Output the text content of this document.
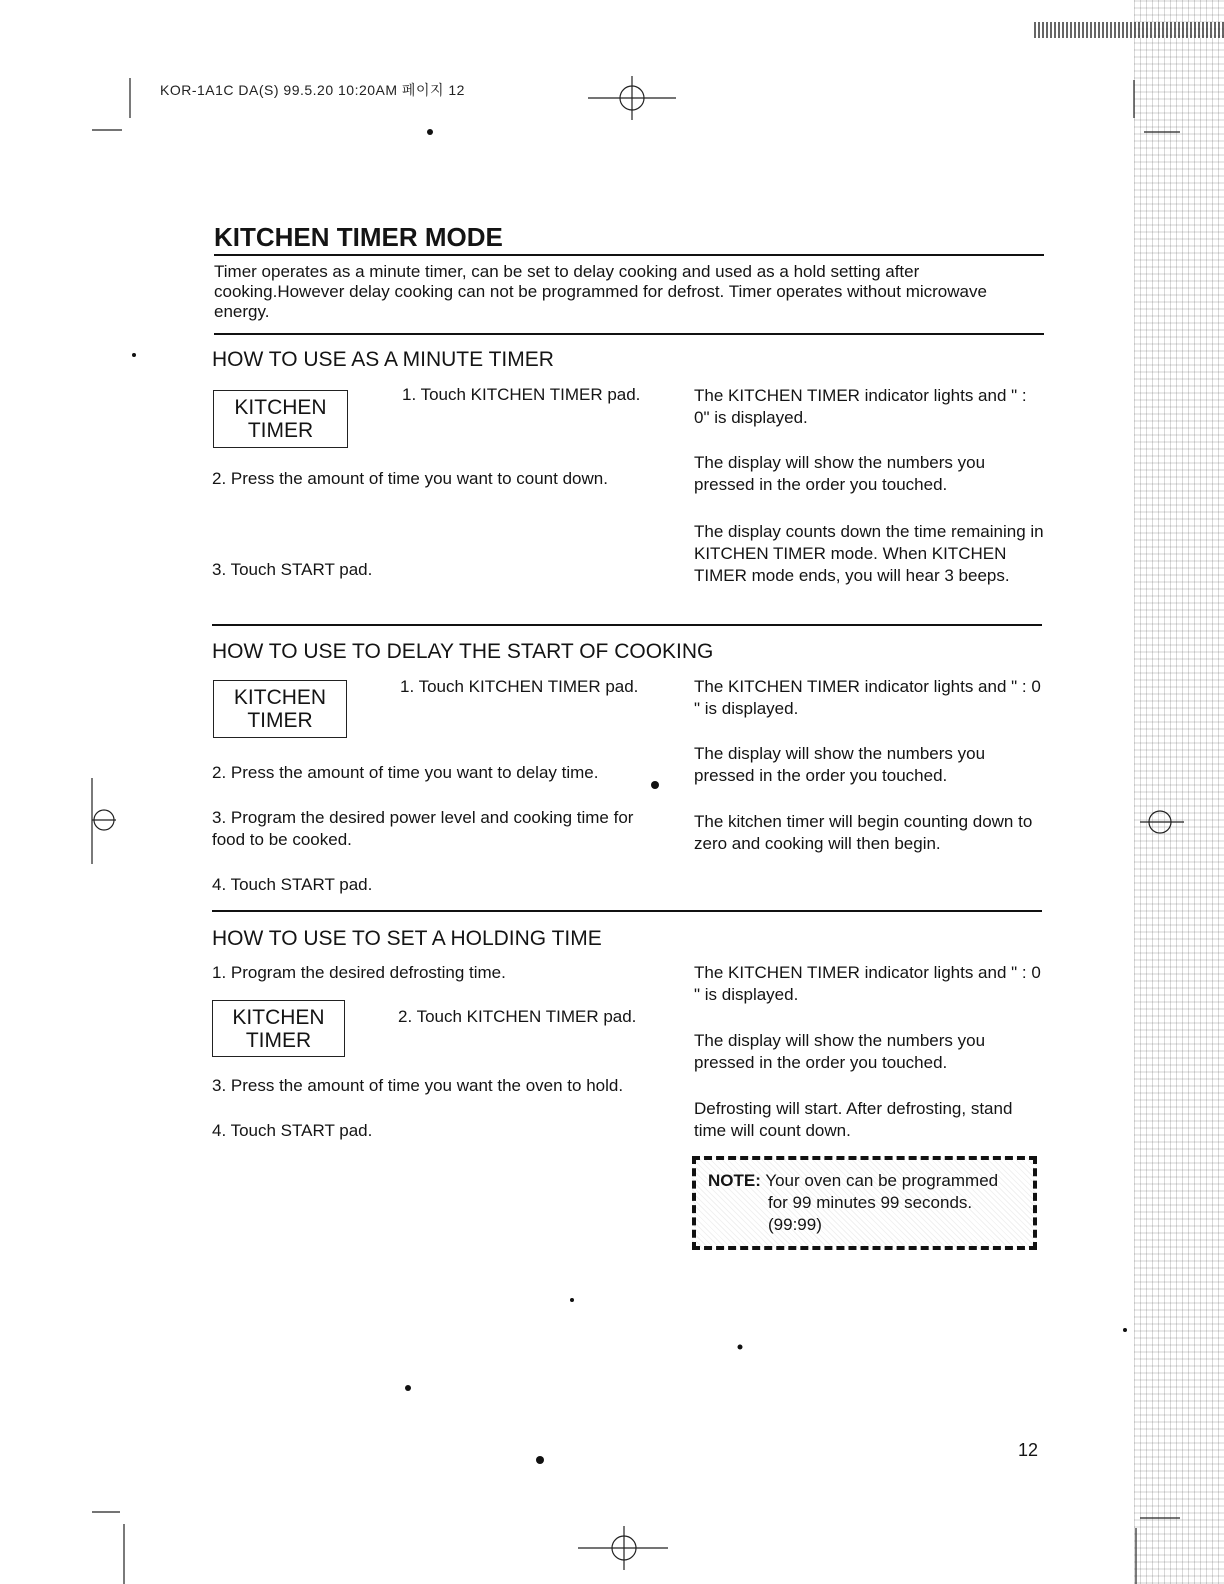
KOR-1A1C DA(S) 99.5.20 10:20AM 페이지 12
KITCHEN TIMER MODE
Timer operates as a minute timer, can be set to delay cooking and used as a hold setting after cooking.However delay cooking can not be programmed for defrost. Timer operates without microwave energy.
HOW TO USE AS A MINUTE TIMER
KITCHEN
TIMER
1. Touch KITCHEN TIMER pad.
2. Press the amount of time you want to count down.
3. Touch START pad.
The KITCHEN TIMER indicator lights and " : 0" is displayed.
The display will show the numbers you pressed in the order you touched.
The display counts down the time remaining in KITCHEN TIMER mode. When KITCHEN TIMER mode ends, you will hear 3 beeps.
HOW TO USE TO DELAY THE START OF COOKING
KITCHEN
TIMER
1. Touch KITCHEN TIMER pad.
2. Press the amount of time you want to delay time.
3. Program the desired power level and cooking time for food to be cooked.
4. Touch START pad.
The KITCHEN TIMER indicator lights and " : 0 " is displayed.
The display will show the numbers you pressed in the order you touched.
The kitchen timer will begin counting down to zero and cooking will then begin.
HOW TO USE TO SET A HOLDING TIME
1. Program the desired defrosting time.
KITCHEN
TIMER
2. Touch KITCHEN TIMER pad.
3. Press the amount of time you want the oven to hold.
4. Touch START pad.
The KITCHEN TIMER indicator lights and " : 0 " is displayed.
The display will show the numbers you pressed in the order you touched.
Defrosting will start. After defrosting, stand time will count down.
NOTE: Your oven can be programmed
for 99 minutes 99 seconds.
(99:99)
12
